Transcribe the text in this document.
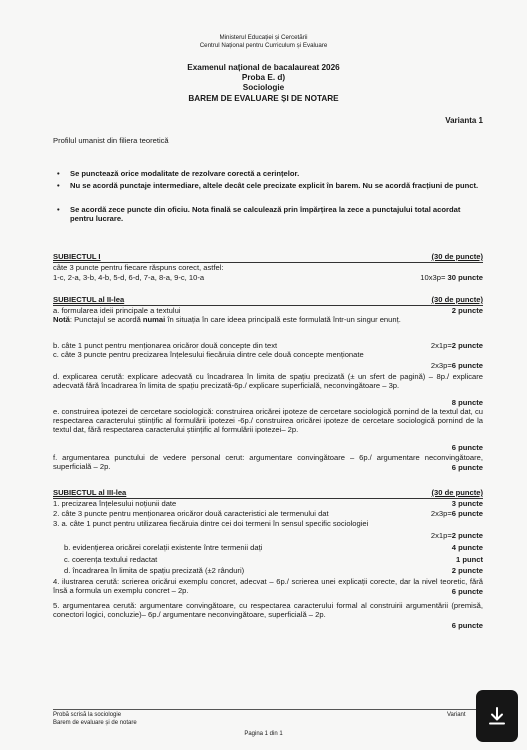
Ministerul Educației și Cercetării
Centrul Național pentru Curriculum și Evaluare
Examenul național de bacalaureat 2026
Proba E. d)
Sociologie
BAREM DE EVALUARE ȘI DE NOTARE
Varianta 1
Profilul umanist din filiera teoretică
• Se punctează orice modalitate de rezolvare corectă a cerințelor.
• Nu se acordă punctaje intermediare, altele decât cele precizate explicit în barem. Nu se acordă fracțiuni de punct.
• Se acordă zece puncte din oficiu. Nota finală se calculează prin împărțirea la zece a punctajului total acordat pentru lucrare.
SUBIECTUL I	(30 de puncte)
câte 3 puncte pentru fiecare răspuns corect, astfel:
1-c, 2-a, 3-b, 4-b, 5-d, 6-d, 7-a, 8-a, 9-c, 10-a	10x3p= 30 puncte
SUBIECTUL al II-lea	(30 de puncte)
a. formularea ideii principale a textului	2 puncte
Notă: Punctajul se acordă numai în situația în care ideea principală este formulată într-un singur enunț.
b. câte 1 punct pentru menționarea oricăror două concepte din text	2x1p=2 puncte
c. câte 3 puncte pentru precizarea înțelesului fiecăruia dintre cele două concepte menționate
2x3p=6 puncte
d. explicarea cerută: explicare adecvată cu încadrarea în limita de spațiu precizată (± un sfert de pagină) – 8p./ explicare adecvată fără încadrarea în limita de spațiu precizată-6p./ explicare superficială, neconvingătoare – 3p.
8 puncte
e. construirea ipotezei de cercetare sociologică: construirea oricărei ipoteze de cercetare sociologică pornind de la textul dat, cu respectarea caracterului științific al formulării ipotezei -6p./ construirea oricărei ipoteze de cercetare sociologică pornind de la textul dat, fără respectarea caracterului științific al formulării ipotezei– 2p.
6 puncte
f. argumentarea punctului de vedere personal cerut: argumentare convingătoare – 6p./ argumentare neconvingătoare, superficială – 2p.	6 puncte
SUBIECTUL al III-lea	(30 de puncte)
1. precizarea înțelesului noțiunii date	3 puncte
2. câte 3 puncte pentru menționarea oricăror două caracteristici ale termenului dat	2x3p=6 puncte
3. a. câte 1 punct pentru utilizarea fiecăruia dintre cei doi termeni în sensul specific sociologiei
2x1p=2 puncte
b. evidențierea oricărei corelații existente între termenii dați	4 puncte
c. coerența textului redactat	1 punct
d. încadrarea în limita de spațiu precizată (±2 rânduri)	2 puncte
4. ilustrarea cerută: scrierea oricărui exemplu concret, adecvat – 6p./ scrierea unei explicații corecte, dar la nivel teoretic, fără însă a formula un exemplu concret – 2p.	6 puncte
5. argumentarea cerută: argumentare convingătoare, cu respectarea caracterului formal al construirii argumentării (premisă, conectori logici, concluzie)– 6p./ argumentare neconvingătoare, superficială – 2p.
6 puncte
Probă scrisă la sociologie
Barem de evaluare și de notare
Variant
Pagina 1 din 1
